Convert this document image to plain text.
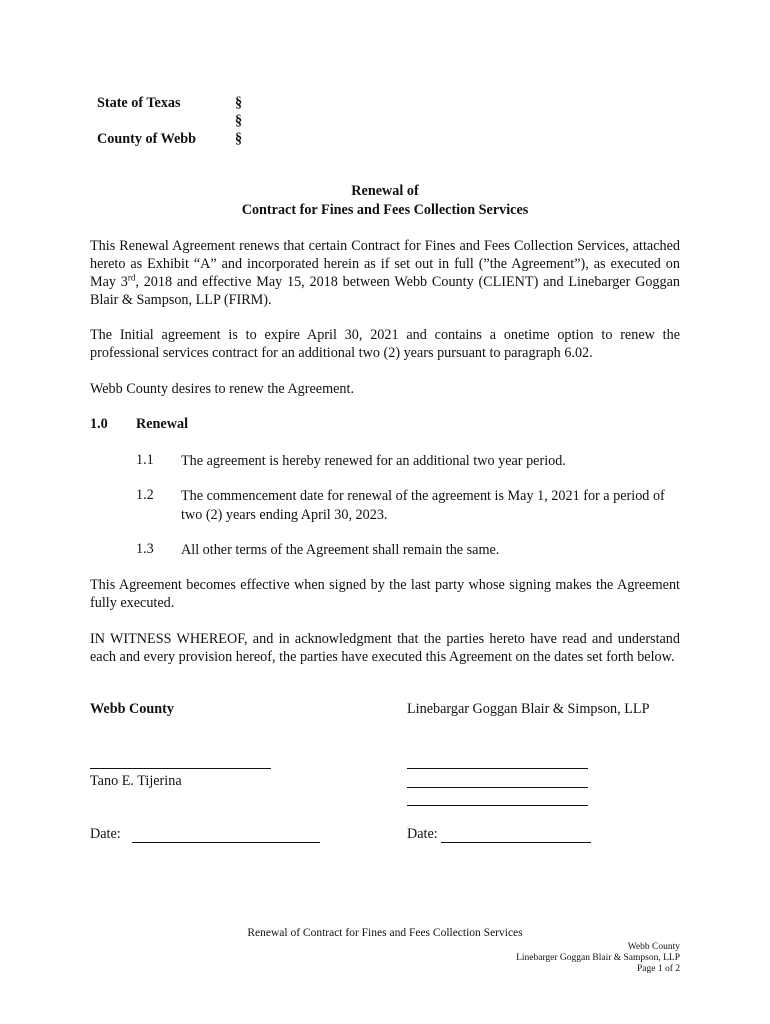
State of Texas
County of Webb
§
§
§
Renewal of
Contract for Fines and Fees Collection Services
This Renewal Agreement renews that certain Contract for Fines and Fees Collection Services, attached hereto as Exhibit “A” and incorporated herein as if set out in full (”the Agreement”), as executed on May 3rd, 2018 and effective May 15, 2018 between Webb County (CLIENT) and Linebarger Goggan Blair & Sampson, LLP (FIRM).
The Initial agreement is to expire April 30, 2021 and contains a onetime option to renew the professional services contract for an additional two (2) years pursuant to paragraph 6.02.
Webb County desires to renew the Agreement.
1.0 Renewal
1.1 The agreement is hereby renewed for an additional two year period.
1.2 The commencement date for renewal of the agreement is May 1, 2021 for a period of two (2) years ending April 30, 2023.
1.3 All other terms of the Agreement shall remain the same.
This Agreement becomes effective when signed by the last party whose signing makes the Agreement fully executed.
IN WITNESS WHEREOF, and in acknowledgment that the parties hereto have read and understand each and every provision hereof, the parties have executed this Agreement on the dates set forth below.
Webb County	Linebargar Goggan Blair & Simpson, LLP
Tano E. Tijerina
Date:	Date:
Renewal of Contract for Fines and Fees Collection Services
Webb County
Linebarger Goggan Blair & Sampson, LLP
Page 1 of 2
